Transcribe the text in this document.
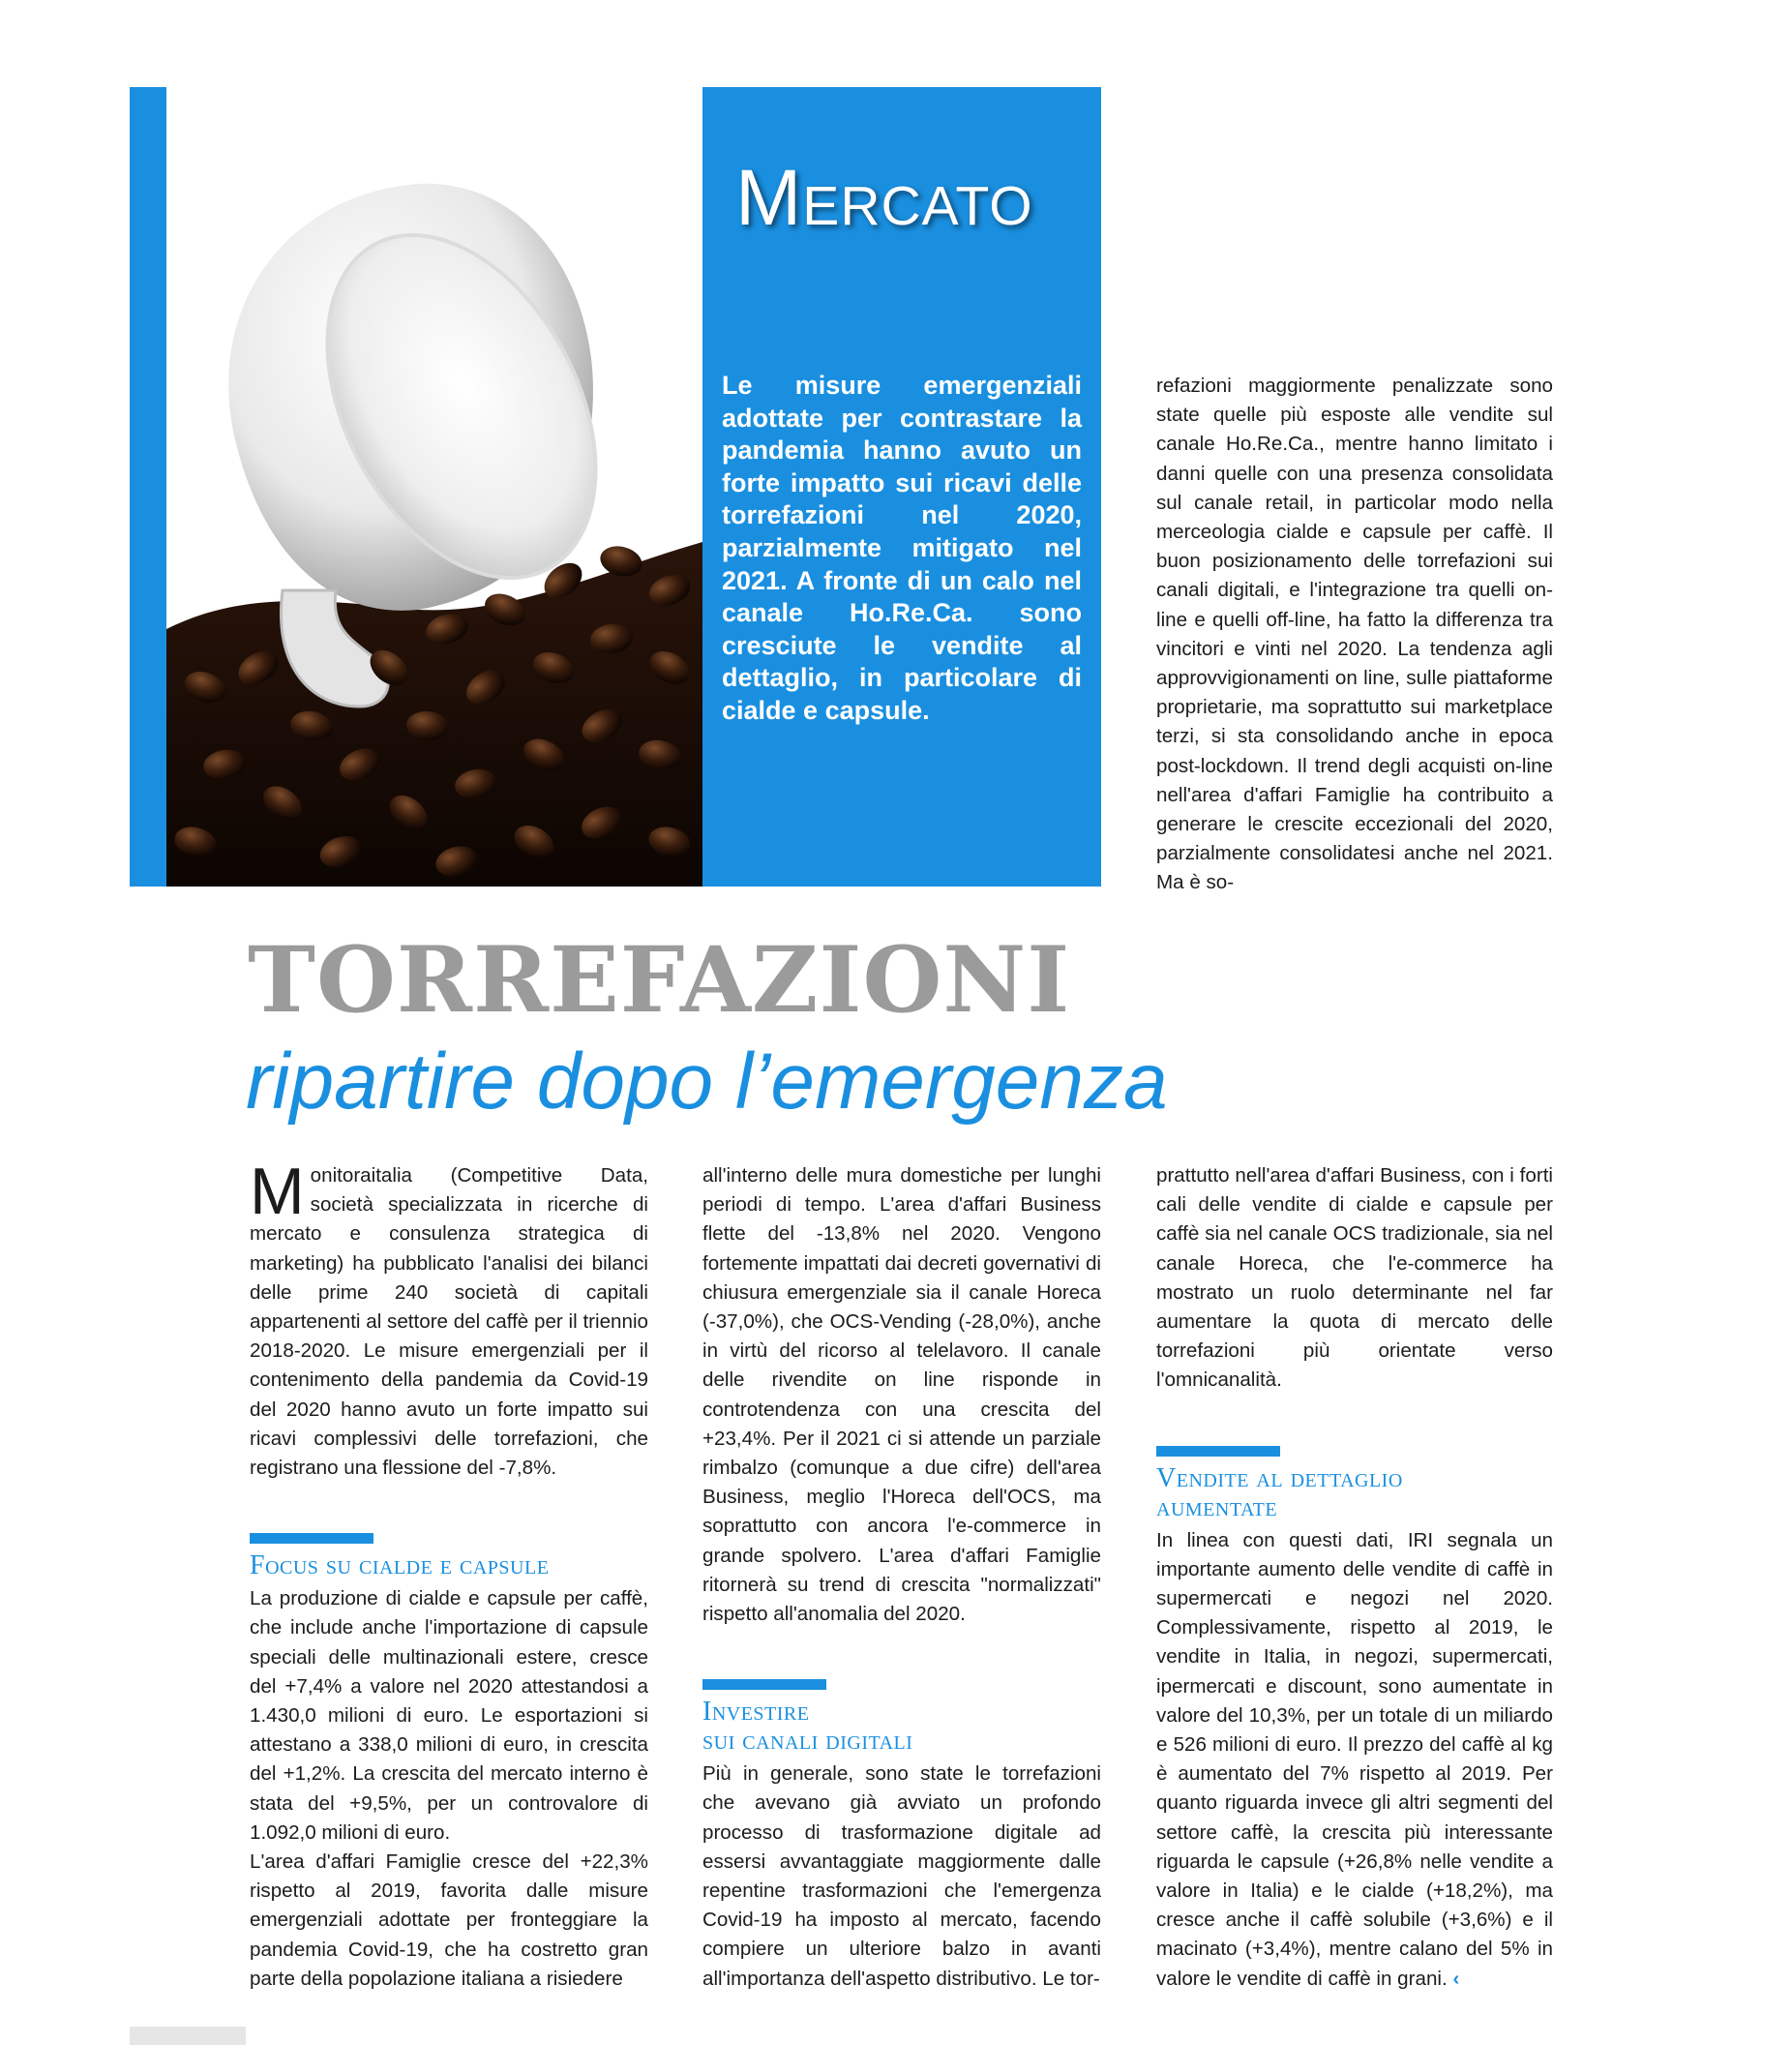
Mercato
Le misure emergenziali adottate per contrastare la pandemia hanno avuto un forte impatto sui ricavi delle torrefazioni nel 2020, parzialmente mitigato nel 2021. A fronte di un calo nel canale Ho.Re.Ca. sono cresciute le vendite al dettaglio, in particolare di cialde e capsule.

refazioni maggiormente penalizzate sono state quelle più esposte alle vendite sul canale Ho.Re.Ca., mentre hanno limitato i danni quelle con una presenza consolidata sul canale retail, in particolar modo nella merceologia cialde e capsule per caffè. Il buon posizionamento delle torrefazioni sui canali digitali, e l'integrazione tra quelli on-line e quelli off-line, ha fatto la differenza tra vincitori e vinti nel 2020. La tendenza agli approvvigionamenti on line, sulle piattaforme proprietarie, ma soprattutto sui marketplace terzi, si sta consolidando anche in epoca post-lockdown. Il trend degli acquisti on-line nell'area d'affari Famiglie ha contribuito a generare le crescite eccezionali del 2020, parzialmente consolidatesi anche nel 2021. Ma è so-

TORREFAZIONI
ripartire dopo l’emergenza

Monitoraitalia (Competitive Data, società specializzata in ricerche di mercato e consulenza strategica di marketing) ha pubblicato l'analisi dei bilanci delle prime 240 società di capitali appartenenti al settore del caffè per il triennio 2018-2020. Le misure emergenziali per il contenimento della pandemia da Covid-19 del 2020 hanno avuto un forte impatto sui ricavi complessivi delle torrefazioni, che registrano una flessione del -7,8%.

Focus su cialde e capsule

La produzione di cialde e capsule per caffè, che include anche l'importazione di capsule speciali delle multinazionali estere, cresce del +7,4% a valore nel 2020 attestandosi a 1.430,0 milioni di euro. Le esportazioni si attestano a 338,0 milioni di euro, in crescita del +1,2%. La crescita del mercato interno è stata del +9,5%, per un controvalore di 1.092,0 milioni di euro.

L'area d'affari Famiglie cresce del +22,3% rispetto al 2019, favorita dalle misure emergenziali adottate per fronteggiare la pandemia Covid-19, che ha costretto gran parte della popolazione italiana a risiedere

all'interno delle mura domestiche per lunghi periodi di tempo. L'area d'affari Business flette del -13,8% nel 2020. Vengono fortemente impattati dai decreti governativi di chiusura emergenziale sia il canale Horeca (-37,0%), che OCS-Vending (-28,0%), anche in virtù del ricorso al telelavoro. Il canale delle rivendite on line risponde in controtendenza con una crescita del +23,4%. Per il 2021 ci si attende un parziale rimbalzo (comunque a due cifre) dell'area Business, meglio l'Horeca dell'OCS, ma soprattutto con ancora l'e-commerce in grande spolvero. L'area d'affari Famiglie ritornerà su trend di crescita "normalizzati" rispetto all'anomalia del 2020.

Investire
sui canali digitali

Più in generale, sono state le torrefazioni che avevano già avviato un profondo processo di trasformazione digitale ad essersi avvantaggiate maggiormente dalle repentine trasformazioni che l'emergenza Covid-19 ha imposto al mercato, facendo compiere un ulteriore balzo in avanti all'importanza dell'aspetto distributivo. Le tor-

prattutto nell'area d'affari Business, con i forti cali delle vendite di cialde e capsule per caffè sia nel canale OCS tradizionale, sia nel canale Horeca, che l'e-commerce ha mostrato un ruolo determinante nel far aumentare la quota di mercato delle torrefazioni più orientate verso l'omnicanalità.

Vendite al dettaglio
aumentate

In linea con questi dati, IRI segnala un importante aumento delle vendite di caffè in supermercati e negozi nel 2020. Complessivamente, rispetto al 2019, le vendite in Italia, in negozi, supermercati, ipermercati e discount, sono aumentate in valore del 10,3%, per un totale di un miliardo e 526 milioni di euro. Il prezzo del caffè al kg è aumentato del 7% rispetto al 2019. Per quanto riguarda invece gli altri segmenti del settore caffè, la crescita più interessante riguarda le capsule (+26,8% nelle vendite a valore in Italia) e le cialde (+18,2%), ma cresce anche il caffè solubile (+3,6%) e il macinato (+3,4%), mentre calano del 5% in valore le vendite di caffè in grani. ‹
